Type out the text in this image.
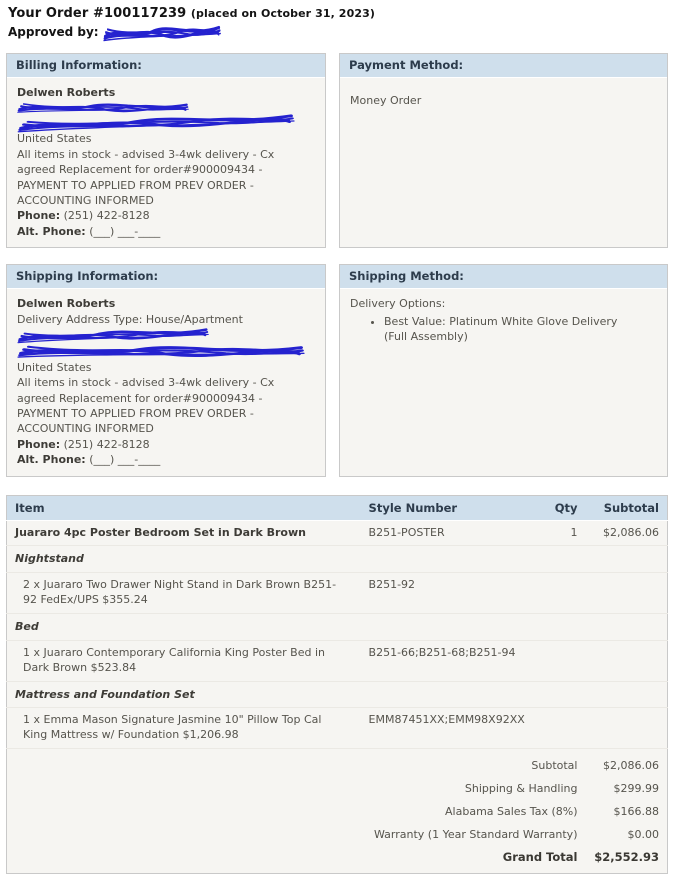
Your Order #100117239 (placed on October 31, 2023)
Approved by:

Billing Information:
Delwen Roberts
United States
All items in stock - advised 3-4wk delivery - Cx agreed Replacement for order#900009434 - PAYMENT TO APPLIED FROM PREV ORDER - ACCOUNTING INFORMED
Phone: (251) 422-8128
Alt. Phone: (___) ___-____
Payment Method:
Money Order
Shipping Information:
Delwen Roberts
Delivery Address Type: House/Apartment
United States
All items in stock - advised 3-4wk delivery - Cx agreed Replacement for order#900009434 - PAYMENT TO APPLIED FROM PREV ORDER - ACCOUNTING INFORMED
Phone: (251) 422-8128
Alt. Phone: (___) ___-____
Shipping Method:
Delivery Options:
• Best Value: Platinum White Glove Delivery (Full Assembly)
Item	Style Number	Qty	Subtotal
Juararo 4pc Poster Bedroom Set in Dark Brown	B251-POSTER	1	$2,086.06
Nightstand			
2 x Juararo Two Drawer Night Stand in Dark Brown B251-92 FedEx/UPS $355.24	B251-92		
Bed			
1 x Juararo Contemporary California King Poster Bed in Dark Brown $523.84	B251-66;B251-68;B251-94		
Mattress and Foundation Set			
1 x Emma Mason Signature Jasmine 10" Pillow Top Cal King Mattress w/ Foundation $1,206.98	EMM87451XX;EMM98X92XX		

Subtotal			$2,086.06
Shipping & Handling			$299.99
Alabama Sales Tax (8%)			$166.88
Warranty (1 Year Standard Warranty)			$0.00
Grand Total			$2,552.93
